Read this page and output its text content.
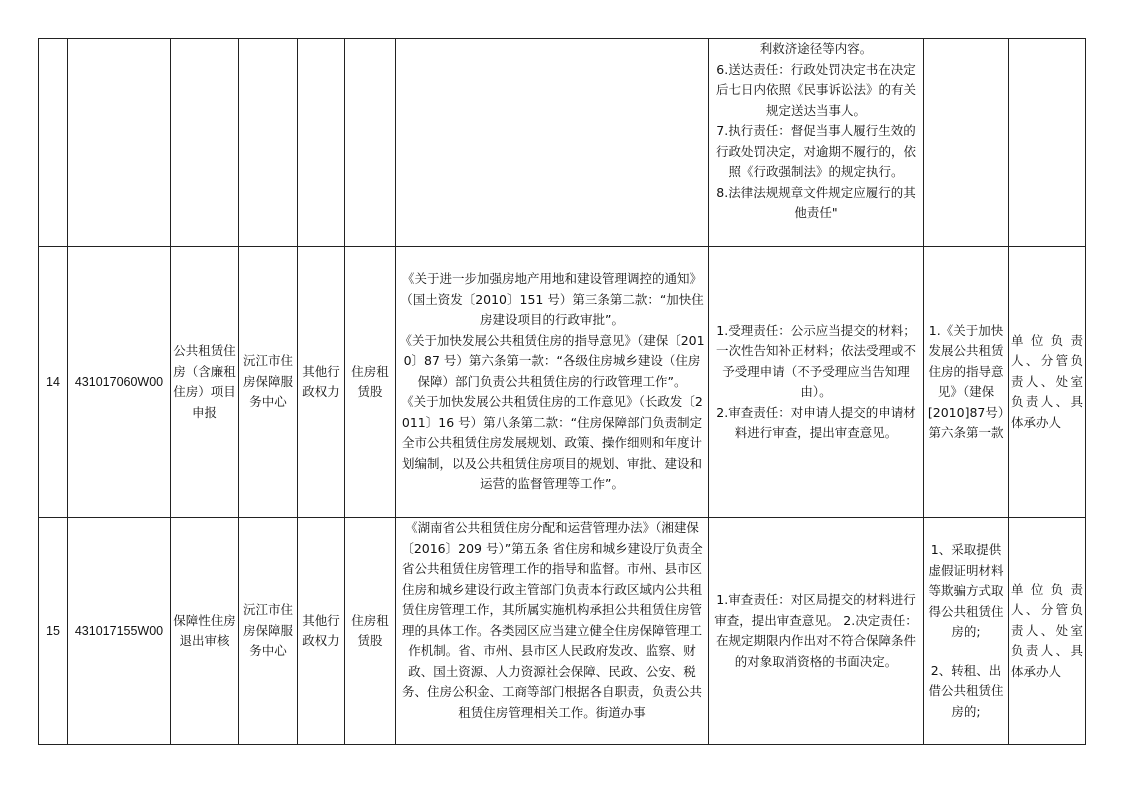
							利救济途径等内容。
6.送达责任：行政处罚决定书在决定后七日内依照《民事诉讼法》的有关规定送达当事人。
7.执行责任：督促当事人履行生效的行政处罚决定，对逾期不履行的，依照《行政强制法》的规定执行。
8.法律法规规章文件规定应履行的其他责任"		

14	431017060W00	公共租赁住房（含廉租住房）项目申报	沅江市住房保障服务中心	其他行政权力	住房租赁股	《关于进一步加强房地产用地和建设管理调控的通知》（国土资发〔2010〕151 号）第三条第二款：“加快住房建设项目的行政审批”。
《关于加快发展公共租赁住房的指导意见》（建保〔2010〕87 号）第六条第一款：“各级住房城乡建设（住房保障）部门负责公共租赁住房的行政管理工作”。
《关于加快发展公共租赁住房的工作意见》（长政发〔2011〕16 号）第八条第二款：“住房保障部门负责制定全市公共租赁住房发展规划、政策、操作细则和年度计划编制，以及公共租赁住房项目的规划、审批、建设和运营的监督管理等工作”。	1.受理责任：公示应当提交的材料；一次性告知补正材料；依法受理或不予受理申请（不予受理应当告知理由）。
2.审查责任：对申请人提交的申请材料进行审查，提出审查意见。	1.《关于加快发展公共租赁住房的指导意见》（建保[2010]87号）第六条第一款	单位负责人、分管负责人、处室负责人、具体承办人

15	431017155W00	保障性住房退出审核	沅江市住房保障服务中心	其他行政权力	住房租赁股	《湖南省公共租赁住房分配和运营管理办法》（湘建保〔2016〕209 号）”第五条 省住房和城乡建设厅负责全省公共租赁住房管理工作的指导和监督。市州、县市区住房和城乡建设行政主管部门负责本行政区域内公共租赁住房管理工作，其所属实施机构承担公共租赁住房管理的具体工作。各类园区应当建立健全住房保障管理工作机制。省、市州、县市区人民政府发改、监察、财政、国土资源、人力资源社会保障、民政、公安、税务、住房公积金、工商等部门根据各自职责，负责公共租赁住房管理相关工作。街道办事	1.审查责任：对区局提交的材料进行审查，提出审查意见。 2.决定责任：在规定期限内作出对不符合保障条件的对象取消资格的书面决定。	1、采取提供虚假证明材料等欺骗方式取得公共租赁住房的;
2、转租、出借公共租赁住房的;	单位负责人、分管负责人、处室负责人、具体承办人
